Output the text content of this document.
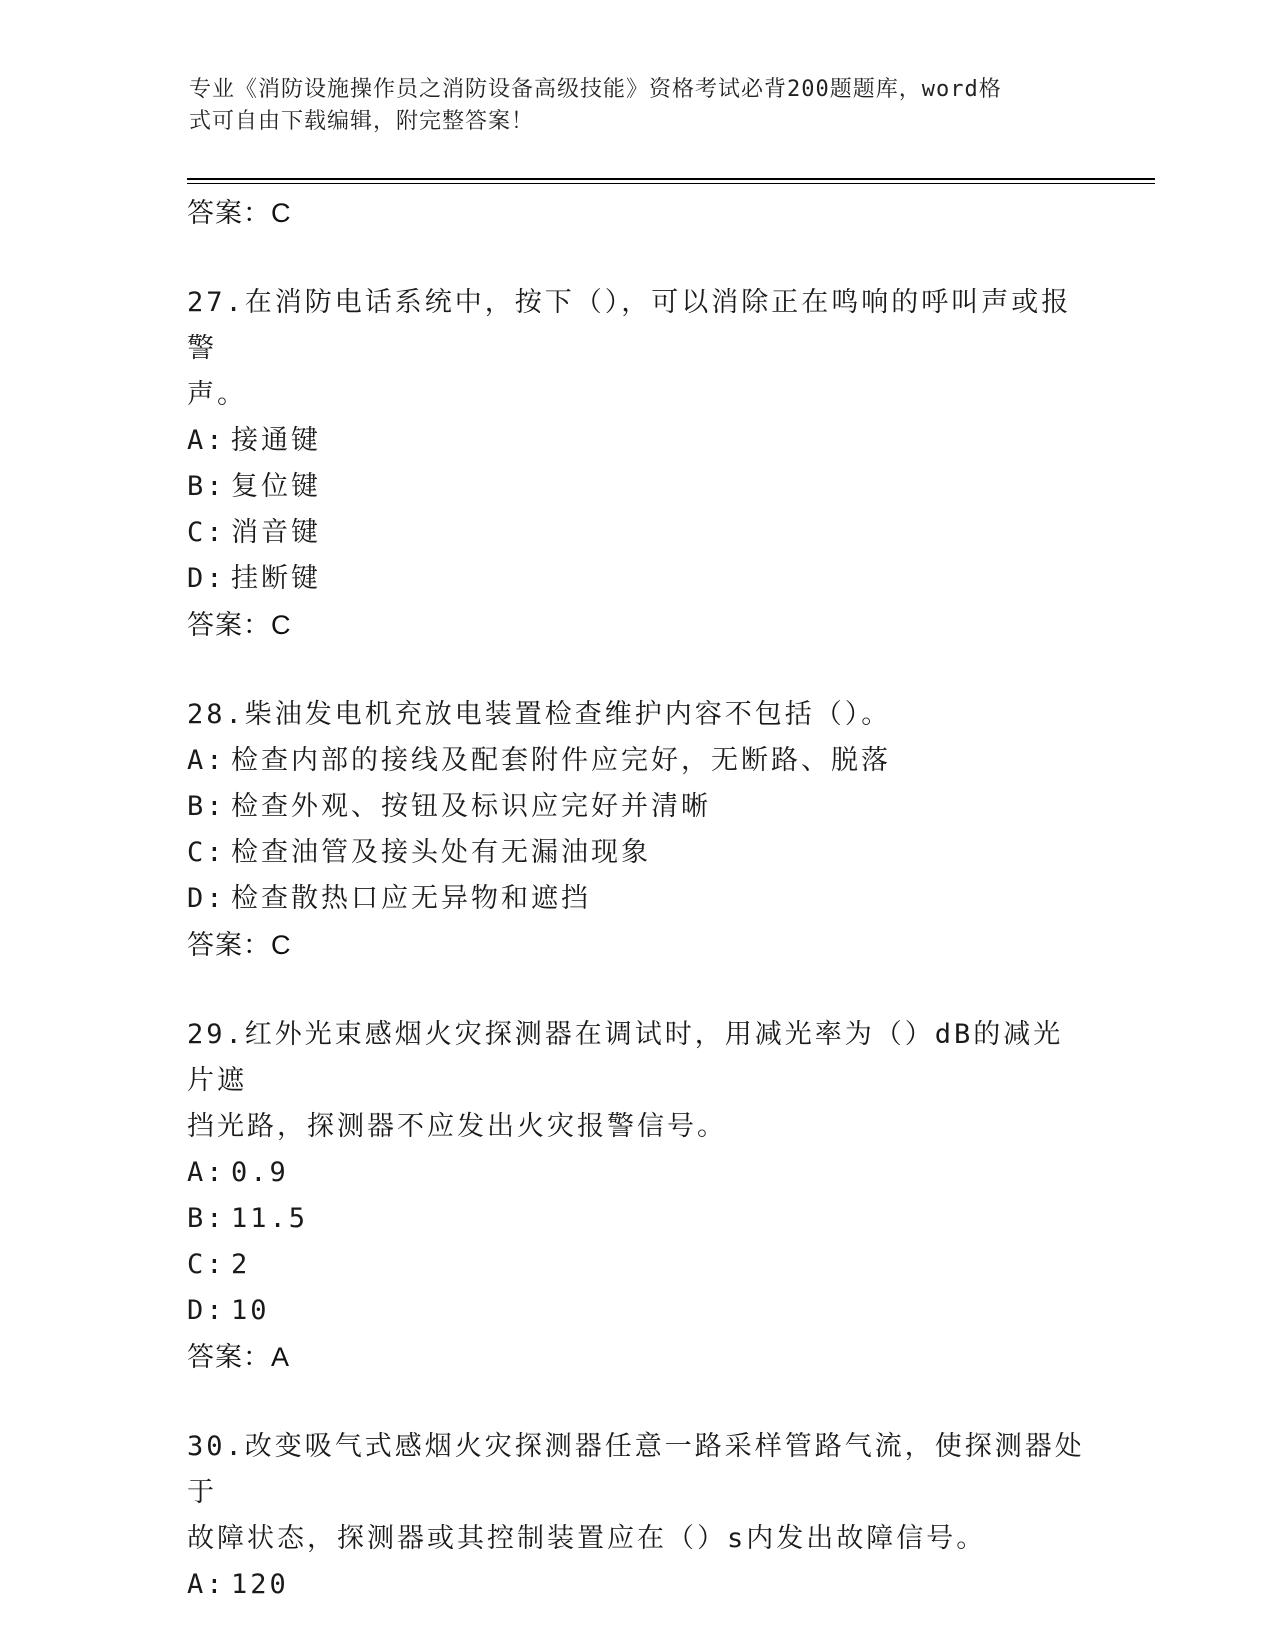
专业《消防设施操作员之消防设备高级技能》资格考试必背200题题库，word格
式可自由下载编辑，附完整答案！
答案：C
27.在消防电话系统中，按下（），可以消除正在鸣响的呼叫声或报警
声。
A: 接通键
B: 复位键
C: 消音键
D: 挂断键
答案：C
28.柴油发电机充放电装置检查维护内容不包括（）。
A: 检查内部的接线及配套附件应完好，无断路、脱落
B: 检查外观、按钮及标识应完好并清晰
C: 检查油管及接头处有无漏油现象
D: 检查散热口应无异物和遮挡
答案：C
29.红外光束感烟火灾探测器在调试时，用减光率为（）dB的减光片遮
挡光路，探测器不应发出火灾报警信号。
A: 0.9
B: 11.5
C: 2
D: 10
答案：A
30.改变吸气式感烟火灾探测器任意一路采样管路气流，使探测器处于
故障状态，探测器或其控制装置应在（）s内发出故障信号。
A: 120
